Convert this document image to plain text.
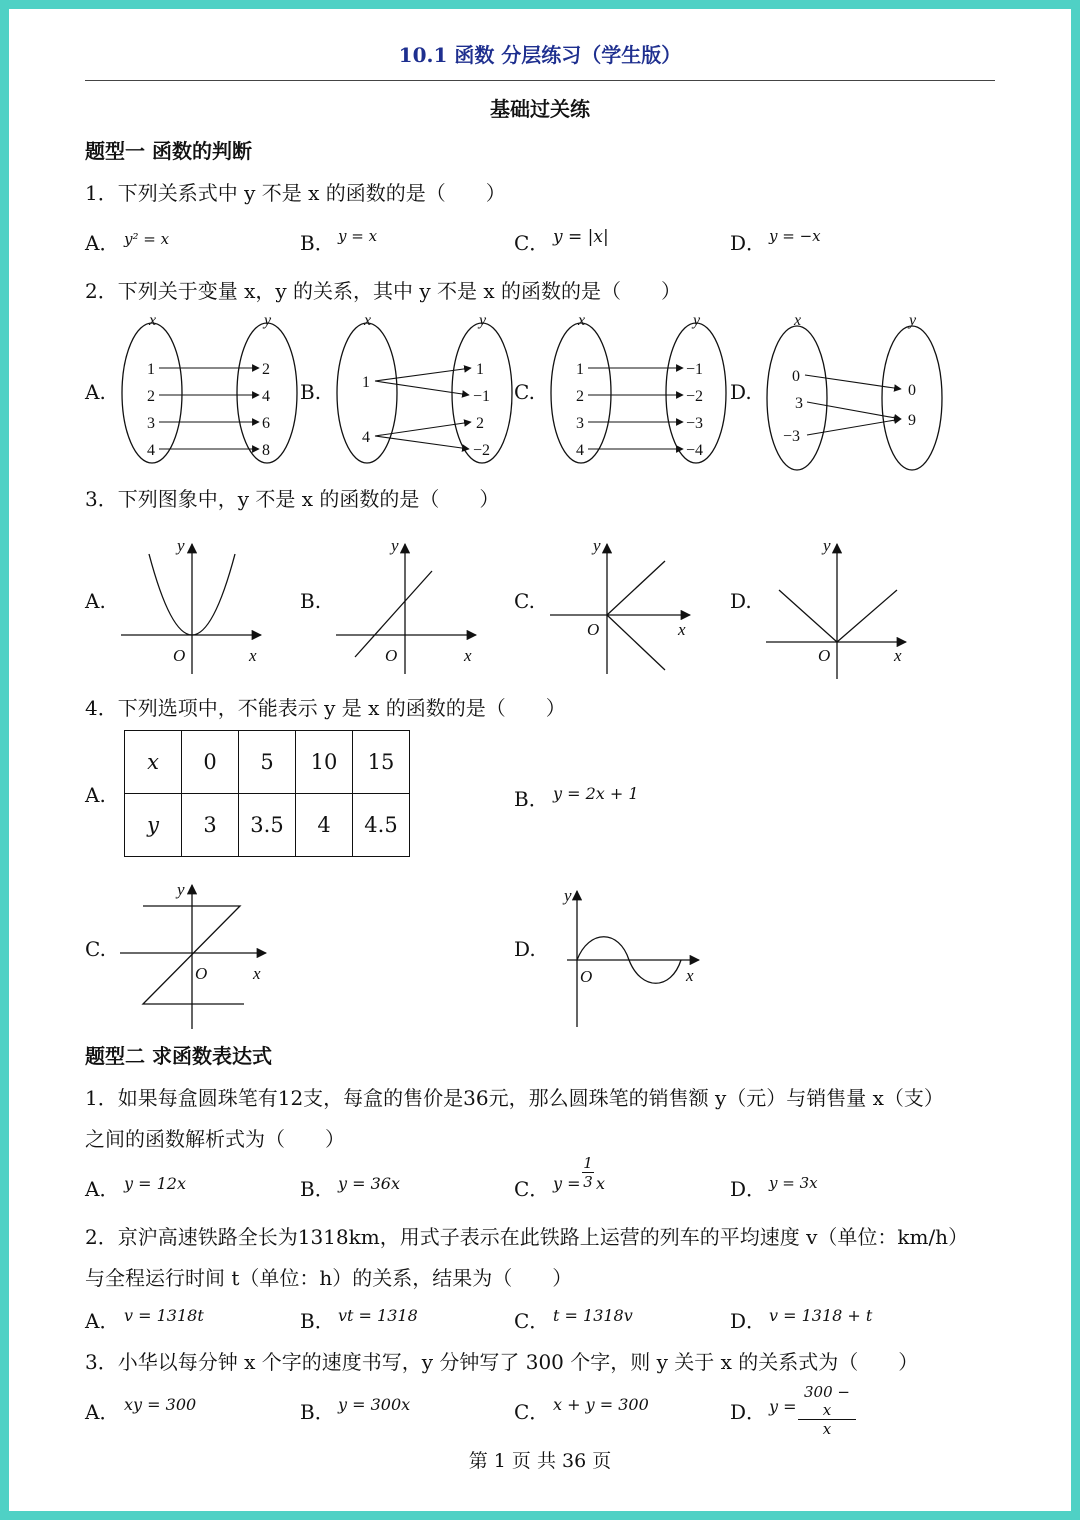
10.1 函数 分层练习（学生版）
基础过关练
题型一 函数的判断
1．下列关系式中 y 不是 x 的函数的是（　　）
A． y² = x	B． y = x	C． y = |x|	D． y = −x
2．下列关于变量 x，y 的关系，其中 y 不是 x 的函数的是（　　）
A.	B.	C.	D.
x	y
1
2
3
4
2
4
6
8
x	y
1
4
1
−1
2
−2
x	y
1
2
3
4
−1
−2
−3
−4
x	y
0
3
−3
0
9
3．下列图象中，y 不是 x 的函数的是（　　）
A.	B.	C.	D.
y
x
O
y
x
O
y
x
O
y
x
O
4．下列选项中，不能表示 y 是 x 的函数的是（　　）
A.
x	0	5	10	15
y	3	3.5	4	4.5
B． y = 2x + 1
C.	D.
y
x
O
y
x
O
题型二 求函数表达式
1．如果每盒圆珠笔有12支，每盒的售价是36元，那么圆珠笔的销售额 y（元）与销售量 x（支）
之间的函数解析式为（　　）
A． y = 12x	B． y = 36x	C． $y = \frac{1}{3}$ x	D． y = 3x
2．京沪高速铁路全长为1318km，用式子表示在此铁路上运营的列车的平均速度 v（单位：km/h）
与全程运行时间 t（单位：h）的关系，结果为（　　）
A． v = 1318t	B． vt = 1318	C． t = 1318v	D． v = 1318 + t
3．小华以每分钟 x 个字的速度书写，y 分钟写了 300 个字，则 y 关于 x 的关系式为（　　）
A． xy = 300	B． y = 300x	C． x + y = 300	D． $y = \frac{300 - x}{x}$
第 1 页 共 36 页
